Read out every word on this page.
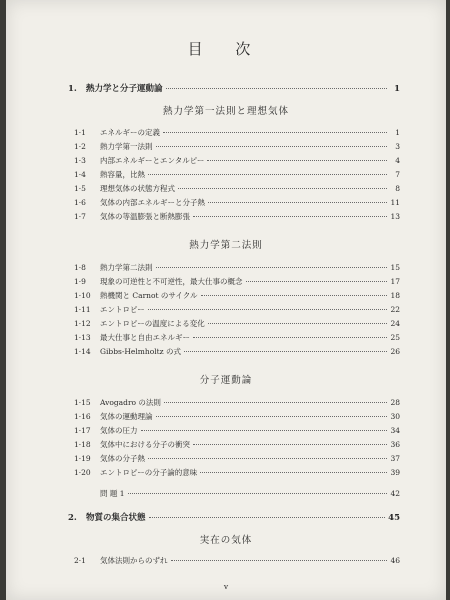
目 次
1.	熱力学と分子運動論	1
熱力学第一法則と理想気体
1·1	エネルギーの定義	1
1·2	熱力学第一法則	3
1·3	内部エネルギーとエンタルピー	4
1·4	熱容量，比熱	7
1·5	理想気体の状態方程式	8
1·6	気体の内部エネルギーと分子熱	11
1·7	気体の等温膨張と断熱膨張	13
熱力学第二法則
1·8	熱力学第二法則	15
1·9	現象の可逆性と不可逆性，最大仕事の概念	17
1·10	熱機関と Carnot のサイクル	18
1·11	エントロピー	22
1·12	エントロピーの温度による変化	24
1·13	最大仕事と自由エネルギー	25
1·14	Gibbs-Helmholtz の式	26
分子運動論
1·15	Avogadro の法則	28
1·16	気体の運動理論	30
1·17	気体の圧力	34
1·18	気体中における分子の衝突	36
1·19	気体の分子熱	37
1·20	エントロピーの分子論的意味	39
問 題 1	42
2.	物質の集合状態	45
実在の気体
2·1	気体法則からのずれ	46
v
